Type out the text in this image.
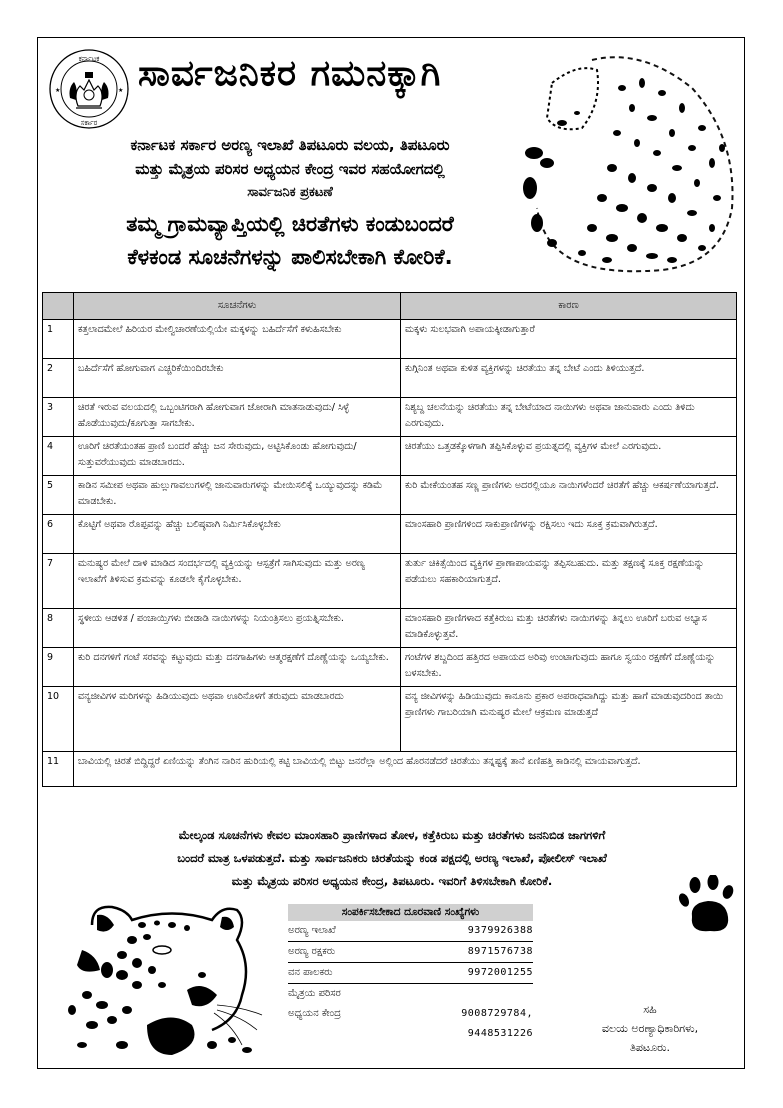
ಕರ್ನಾಟಕ
ಸರ್ಕಾರ
★	★ ಸಾರ್ವಜನಿಕರ ಗಮನಕ್ಕಾಗಿ
ಕರ್ನಾಟಕ ಸರ್ಕಾರ ಅರಣ್ಯ ಇಲಾಖೆ ತಿಪಟೂರು ವಲಯ, ತಿಪಟೂರು
ಮತ್ತು ಮೈತ್ರಯ ಪರಿಸರ ಅಧ್ಯಯನ ಕೇಂದ್ರ ಇವರ ಸಹಯೋಗದಲ್ಲಿ
ಸಾರ್ವಜನಿಕ ಪ್ರಕಟಣೆ
ತಮ್ಮ ಗ್ರಾಮವ್ಯಾಪ್ತಿಯಲ್ಲಿ ಚಿರತೆಗಳು ಕಂಡುಬಂದರೆ
ಕೆಳಕಂಡ ಸೂಚನೆಗಳನ್ನು ಪಾಲಿಸಬೇಕಾಗಿ ಕೋರಿಕೆ.
	ಸೂಚನೆಗಳು	ಕಾರಣ
1	ಕತ್ತಲಾದಮೇಲೆ ಹಿರಿಯರ ಮೇಲ್ವಿಚಾರಣೆಯಲ್ಲಿಯೇ ಮಕ್ಕಳನ್ನು ಬಹಿರ್ದೆಸೆಗೆ ಕಳುಹಿಸಬೇಕು	ಮಕ್ಕಳು ಸುಲಭವಾಗಿ ಅಪಾಯಕ್ಕೀಡಾಗುತ್ತಾರೆ
2	ಬಹಿರ್ದೆಸೆಗೆ ಹೋಗುವಾಗ ಎಚ್ಚರಿಕೆಯಿಂದಿರಬೇಕು	ಕುಗ್ಗಿನಿಂತ ಅಥವಾ ಕುಳಿತ ವ್ಯಕ್ತಿಗಳನ್ನು ಚಿರತೆಯು ತನ್ನ ಬೇಟೆ ಎಂದು ತಿಳಿಯುತ್ತದೆ.
3	ಚಿರತೆ ಇರುವ ವಲಯದಲ್ಲಿ ಒಬ್ಬಂಟಿಗರಾಗಿ ಹೋಗುವಾಗ ಜೋರಾಗಿ ಮಾತನಾಡುವುದು/ ಸಿಳ್ಳೆ ಹೊಡೆಯುವುದು/ಕೂಗುತ್ತಾ ಸಾಗಬೇಕು.	ನಿಶ್ಯಬ್ದ ಚಲನೆಯನ್ನು ಚಿರತೆಯು ತನ್ನ ಬೇಟೆಯಾದ ನಾಯಿಗಳು ಅಥವಾ ಜಾನುವಾರು ಎಂದು ತಿಳಿದು ಎರಗುವುದು.
4	ಊರಿಗೆ ಚಿರತೆಯಂತಹ ಪ್ರಾಣಿ ಬಂದರೆ ಹೆಚ್ಚು ಜನ ಸೇರುವುದು, ಅಟ್ಟಿಸಿಕೊಂಡು ಹೋಗುವುದು/ ಸುತ್ತುವರೆಯುವುದು ಮಾಡಬಾರದು.	ಚಿರತೆಯು ಒತ್ತಡಕ್ಕೊಳಗಾಗಿ ತಪ್ಪಿಸಿಕೊಳ್ಳುವ ಪ್ರಯತ್ನದಲ್ಲಿ ವ್ಯಕ್ತಿಗಳ ಮೇಲೆ ಎರಗುವುದು.
5	ಕಾಡಿನ ಸಮೀಪ ಅಥವಾ ಹುಲ್ಲುಗಾವಲುಗಳಲ್ಲಿ ಜಾನುವಾರುಗಳನ್ನು ಮೇಯಿಸಲಿಕ್ಕೆ ಒಯ್ಯುವುದನ್ನು ಕಡಿಮೆ ಮಾಡಬೇಕು.	ಕುರಿ ಮೇಕೆಯಂತಹ ಸಣ್ಣ ಪ್ರಾಣಿಗಳು ಅದರಲ್ಲಿಯೂ ನಾಯಿಗಳೆಂದರೆ ಚಿರತೆಗೆ ಹೆಚ್ಚು ಆಕರ್ಷಣೆಯಾಗುತ್ತದೆ.
6	ಕೊಟ್ಟಿಗೆ ಅಥವಾ ರೊಪ್ಪವನ್ನು ಹೆಚ್ಚು ಬಲಿಷ್ಠವಾಗಿ ನಿರ್ಮಿಸಿಕೊಳ್ಳಬೇಕು	ಮಾಂಸಹಾರಿ ಪ್ರಾಣಿಗಳಿಂದ ಸಾಕುಪ್ರಾಣಿಗಳನ್ನು ರಕ್ಷಿಸಲು ಇದು ಸೂಕ್ತ ಕ್ರಮವಾಗಿರುತ್ತದೆ.
7	ಮನುಷ್ಯರ ಮೇಲೆ ದಾಳಿ ಮಾಡಿದ ಸಂದರ್ಭದಲ್ಲಿ ವ್ಯಕ್ತಿಯನ್ನು ಆಸ್ಪತ್ರೆಗೆ ಸಾಗಿಸುವುದು ಮತ್ತು ಅರಣ್ಯ ಇಲಾಖೆಗೆ ತಿಳಿಸುವ ಕ್ರಮವನ್ನು ಕೂಡಲೇ ಕೈಗೊಳ್ಳಬೇಕು.	ತುರ್ತು ಚಿಕಿತ್ಸೆಯಿಂದ ವ್ಯಕ್ತಿಗಳ ಪ್ರಾಣಾಪಾಯವನ್ನು ತಪ್ಪಿಸಬಹುದು. ಮತ್ತು ತಕ್ಷಣಕ್ಕೆ ಸೂಕ್ತ ರಕ್ಷಣೆಯನ್ನು ಪಡೆಯಲು ಸಹಕಾರಿಯಾಗುತ್ತದೆ.
8	ಸ್ಥಳೀಯ ಆಡಳಿತ / ಪಂಚಾಯ್ತಿಗಳು ಬೀಡಾಡಿ ನಾಯಿಗಳನ್ನು ನಿಯಂತ್ರಿಸಲು ಪ್ರಯತ್ನಿಸಬೇಕು.	ಮಾಂಸಹಾರಿ ಪ್ರಾಣಿಗಳಾದ ಕತ್ತೆಕಿರುಬ ಮತ್ತು ಚಿರತೆಗಳು ನಾಯಿಗಳನ್ನು ತಿನ್ನಲು ಊರಿಗೆ ಬರುವ ಅಭ್ಯಾಸ ಮಾಡಿಕೊಳ್ಳುತ್ತವೆ.
9	ಕುರಿ ದನಗಳಿಗೆ ಗಂಟೆ ಸರವನ್ನು ಕಟ್ಟುವುದು ಮತ್ತು ದನಗಾಹಿಗಳು ಆತ್ಮರಕ್ಷಣೆಗೆ ದೊಣ್ಣೆಯನ್ನು ಒಯ್ಯಬೇಕು.	ಗಂಟೆಗಳ ಶಬ್ದದಿಂದ ಹತ್ತಿರದ ಅಪಾಯದ ಅರಿವು ಉಂಟಾಗುವುದು ಹಾಗೂ ಸ್ವಯಂ ರಕ್ಷಣೆಗೆ ದೊಣ್ಣೆಯನ್ನು ಬಳಸಬೇಕು.
10	ವನ್ಯಜೀವಿಗಳ ಮರಿಗಳನ್ನು ಹಿಡಿಯುವುದು ಅಥವಾ ಊರಿನೊಳಗೆ ತರುವುದು ಮಾಡಬಾರದು	ವನ್ಯ ಜೀವಿಗಳನ್ನು ಹಿಡಿಯುವುದು ಕಾನೂನು ಪ್ರಕಾರ ಅಪರಾಧವಾಗಿದ್ದು ಮತ್ತು ಹಾಗೆ ಮಾಡುವುದರಿಂದ ತಾಯಿ ಪ್ರಾಣಿಗಳು ಗಾಬರಿಯಾಗಿ ಮನುಷ್ಯರ ಮೇಲೆ ಆಕ್ರಮಣ ಮಾಡುತ್ತದೆ
11	ಬಾವಿಯಲ್ಲಿ ಚಿರತೆ ಬಿದ್ದಿದ್ದರೆ ಏಣಿಯನ್ನು ತೆಂಗಿನ ನಾರಿನ ಹುರಿಯಲ್ಲಿ ಕಟ್ಟಿ ಬಾವಿಯಲ್ಲಿ ಬಿಟ್ಟು ಜನರೆಲ್ಲಾ ಅಲ್ಲಿಂದ ಹೊರನಡೆದರೆ ಚಿರತೆಯು ತನ್ನಷ್ಟಕ್ಕೆ ತಾನೆ ಏಣಿಹತ್ತಿ ಕಾಡಿನಲ್ಲಿ ಮಾಯವಾಗುತ್ತದೆ.	
ಮೇಲ್ಕಂಡ ಸೂಚನೆಗಳು ಕೇವಲ ಮಾಂಸಹಾರಿ ಪ್ರಾಣಿಗಳಾದ ತೋಳ, ಕತ್ತೆಕಿರುಬ ಮತ್ತು ಚಿರತೆಗಳು ಜನನಿಬಿಡ ಜಾಗಗಳಿಗೆ
ಬಂದರೆ ಮಾತ್ರ ಒಳಪಡುತ್ತದೆ. ಮತ್ತು ಸಾರ್ವಜನಿಕರು ಚಿರತೆಯನ್ನು ಕಂಡ ಪಕ್ಷದಲ್ಲಿ ಅರಣ್ಯ ಇಲಾಖೆ, ಪೋಲೀಸ್ ಇಲಾಖೆ
ಮತ್ತು ಮೈತ್ರಯ ಪರಿಸರ ಅಧ್ಯಯನ ಕೇಂದ್ರ, ತಿಪಟೂರು. ಇವರಿಗೆ ತಿಳಿಸಬೇಕಾಗಿ ಕೋರಿಕೆ.
ಸಂಪರ್ಕಿಸಬೇಕಾದ ದೂರವಾಣಿ ಸಂಖ್ಯೆಗಳು
ಅರಣ್ಯ ಇಲಾಖೆ	9379926388
ಅರಣ್ಯ ರಕ್ಷಕರು	8971576738
ವನ ಪಾಲಕರು	9972001255
ಮೈತ್ರಯ ಪರಿಸರ
ಅಧ್ಯಯನ ಕೇಂದ್ರ	9008729784,
9448531226
ಸಹಿ
ವಲಯ ಅರಣ್ಯಾಧಿಕಾರಿಗಳು,
ತಿಪಟೂರು.
